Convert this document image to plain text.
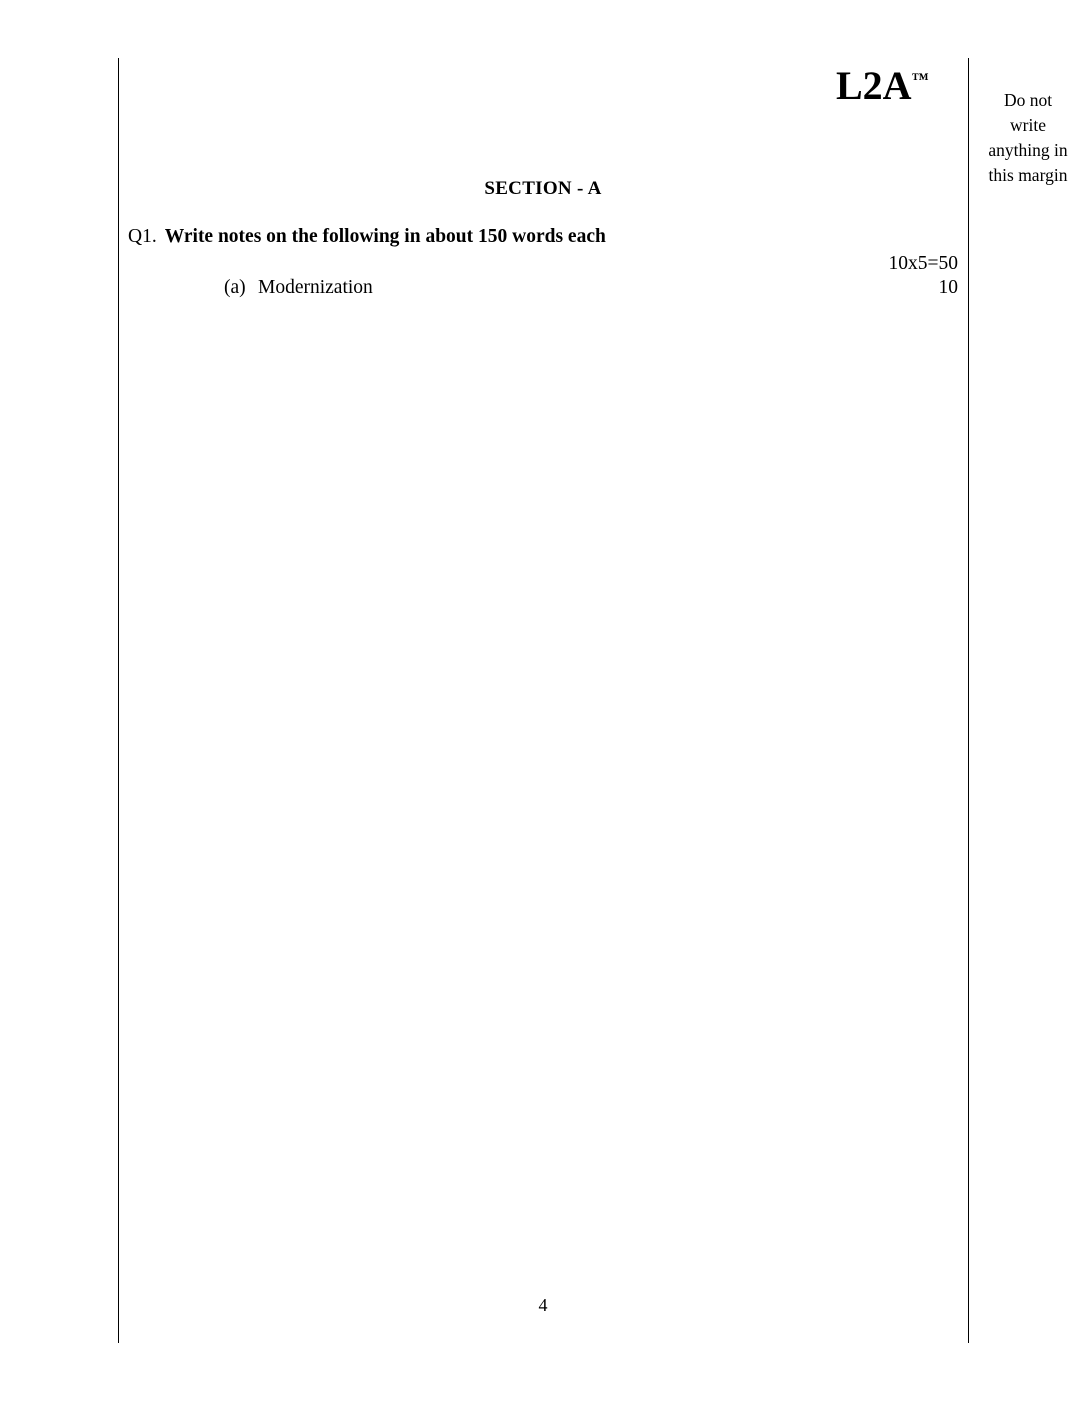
L2A™
Do not
write
anything in
this margin
SECTION - A
Q1. Write notes on the following in about 150 words each
10x5=50
(a) Modernization	10
4
